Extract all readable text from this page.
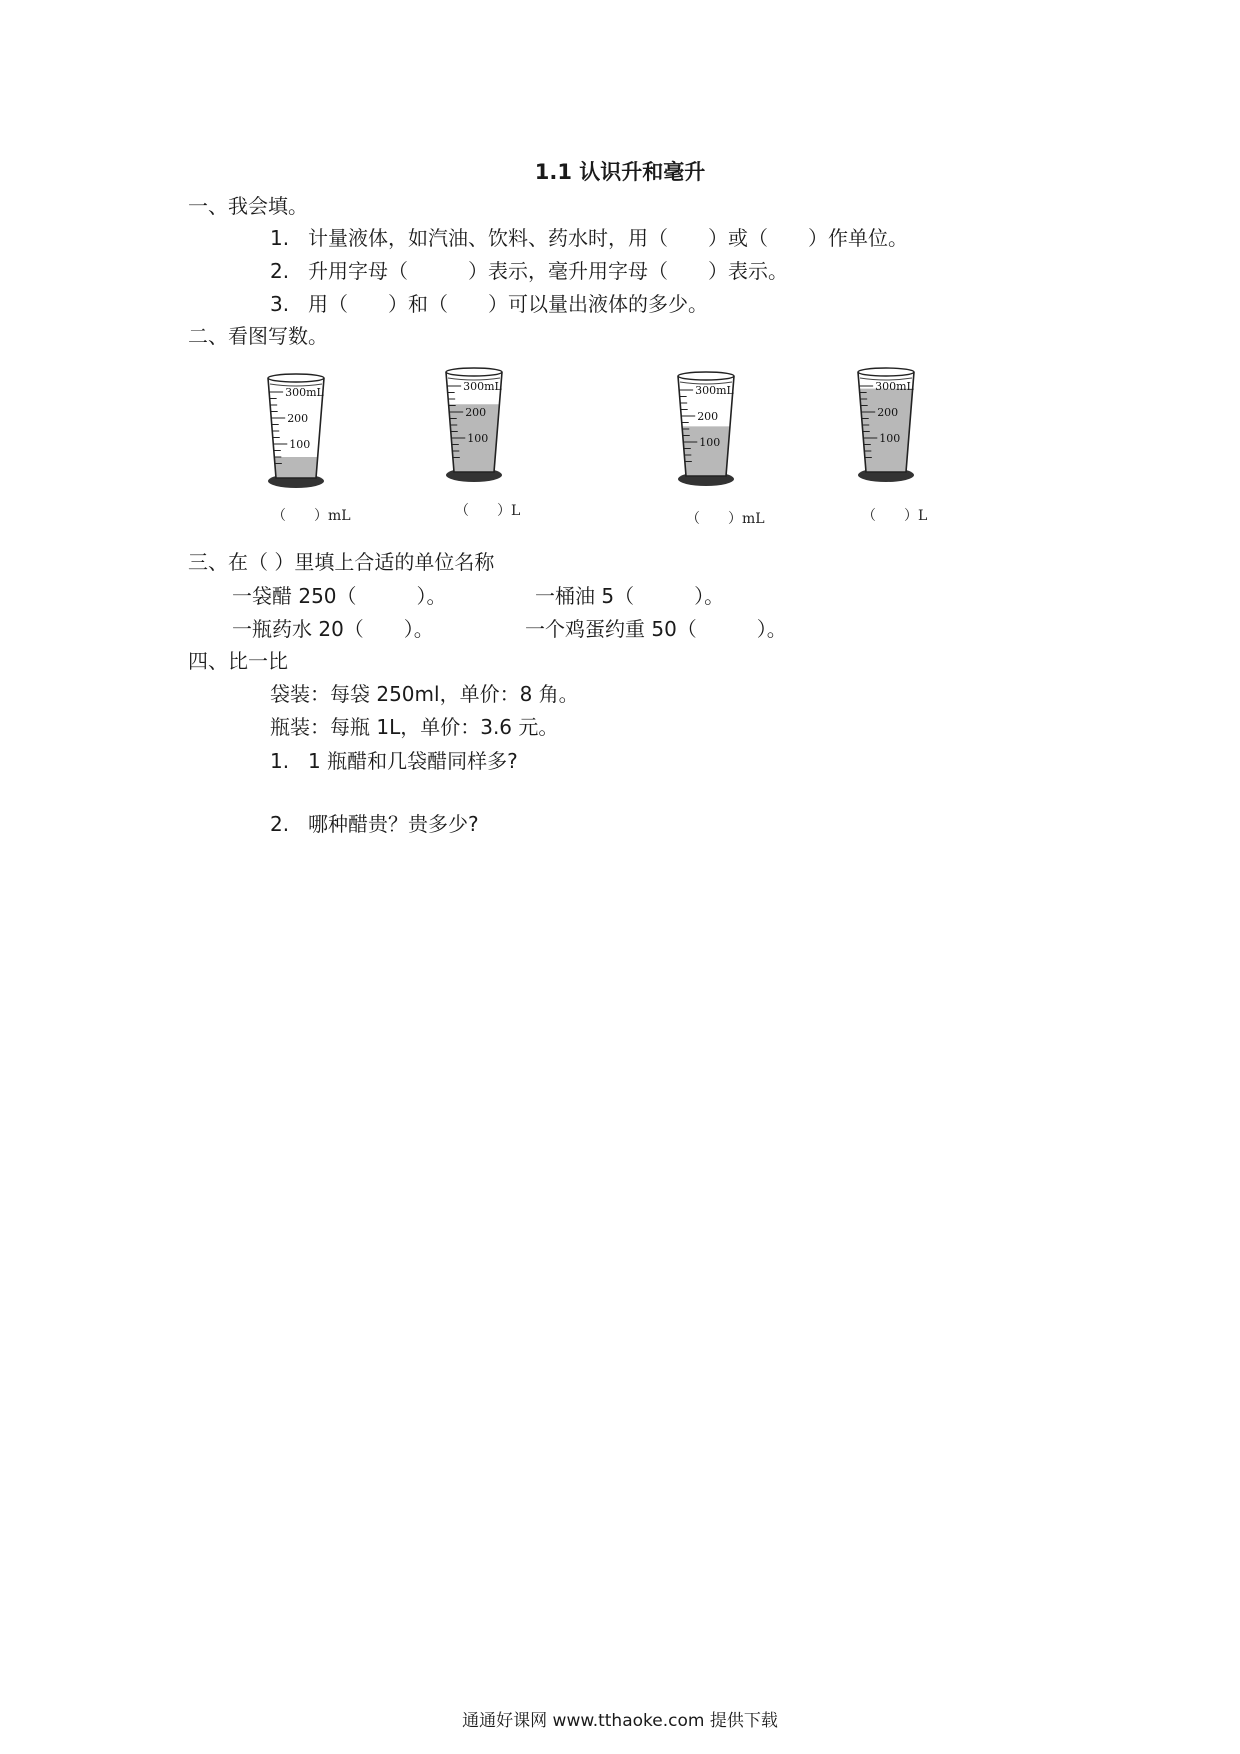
1.1 认识升和毫升
一、我会填。
1. 计量液体，如汽油、饮料、药水时，用（　　）或（　　）作单位。
2. 升用字母（　　　）表示，毫升用字母（　　）表示。
3. 用（　　）和（　　）可以量出液体的多少。
二、看图写数。
300mL
200
100
300mL
200
100
300mL
200
100
300mL
200
100
（　　）mL	（　　）L	（　　）mL	（　　）L
三、在（ ）里填上合适的单位名称
一袋醋 250（　　　）。	一桶油 5（　　　）。
一瓶药水 20（　　）。	一个鸡蛋约重 50（　　　）。
四、比一比
袋装：每袋 250ml，单价：8 角。
瓶装：每瓶 1L，单价：3.6 元。
1. 1 瓶醋和几袋醋同样多?
2. 哪种醋贵？贵多少?
通通好课网 www.tthaoke.com 提供下载
